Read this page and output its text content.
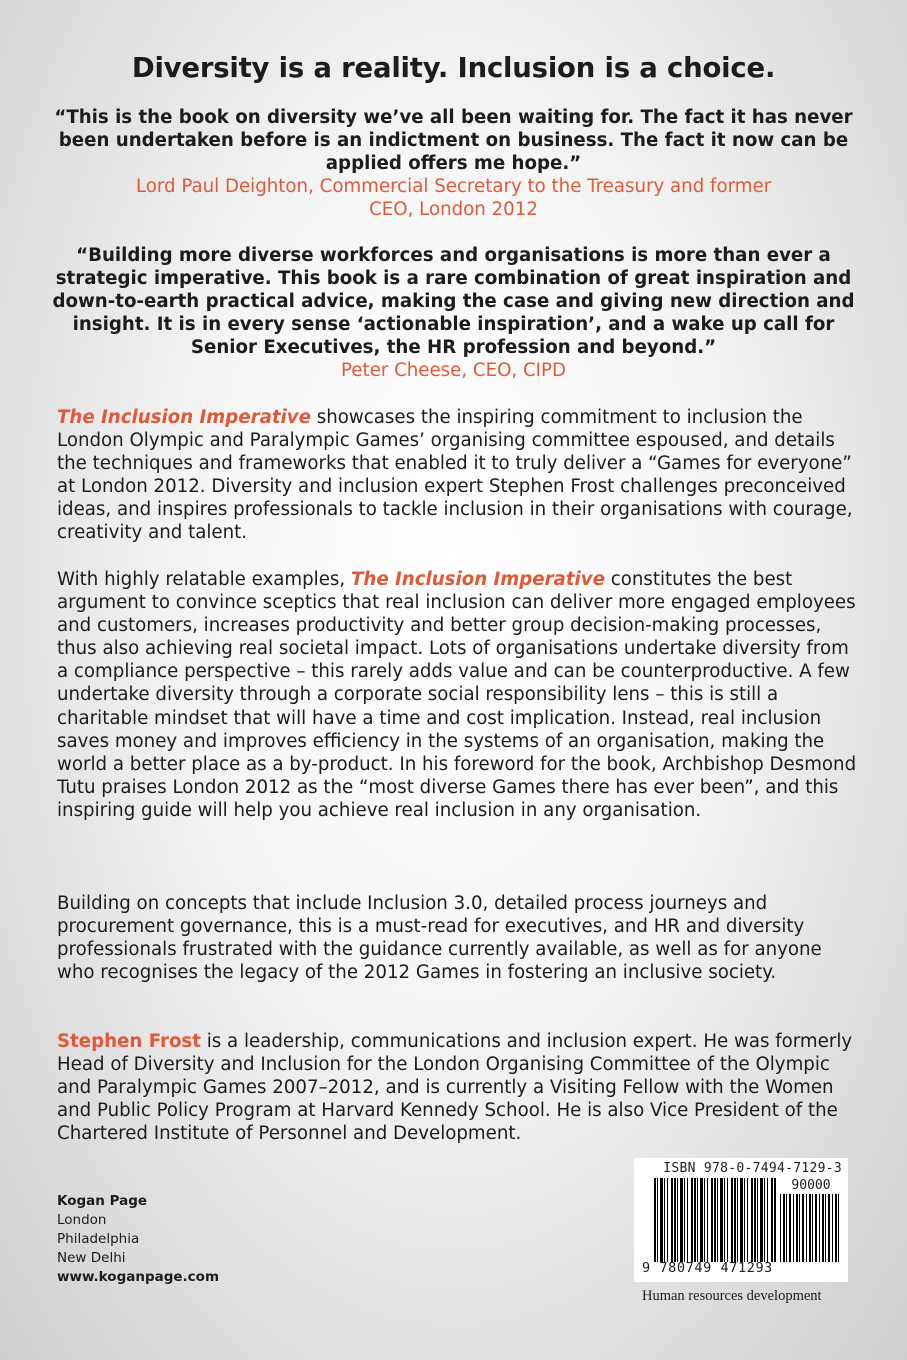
Diversity is a reality. Inclusion is a choice.

“This is the book on diversity we’ve all been waiting for. The fact it has never been undertaken before is an indictment on business. The fact it now can be applied offers me hope.”

Lord Paul Deighton, Commercial Secretary to the Treasury and former

CEO, London 2012

“Building more diverse workforces and organisations is more than ever a strategic imperative. This book is a rare combination of great inspiration and down-to-earth practical advice, making the case and giving new direction and insight. It is in every sense ‘actionable inspiration’, and a wake up call for Senior Executives, the HR profession and beyond.”

Peter Cheese, CEO, CIPD

The Inclusion Imperative showcases the inspiring commitment to inclusion the London Olympic and Paralympic Games’ organising committee espoused, and details the techniques and frameworks that enabled it to truly deliver a “Games for everyone” at London 2012. Diversity and inclusion expert Stephen Frost challenges preconceived ideas, and inspires professionals to tackle inclusion in their organisations with courage, creativity and talent.

With highly relatable examples, The Inclusion Imperative constitutes the best argument to convince sceptics that real inclusion can deliver more engaged employees and customers, increases productivity and better group decision-making processes, thus also achieving real societal impact. Lots of organisations undertake diversity from a compliance perspective – this rarely adds value and can be counterproductive. A few undertake diversity through a corporate social responsibility lens – this is still a charitable mindset that will have a time and cost implication. Instead, real inclusion saves money and improves efficiency in the systems of an organisation, making the world a better place as a by-product. In his foreword for the book, Archbishop Desmond Tutu praises London 2012 as the “most diverse Games there has ever been”, and this inspiring guide will help you achieve real inclusion in any organisation.

Building on concepts that include Inclusion 3.0, detailed process journeys and procurement governance, this is a must-read for executives, and HR and diversity professionals frustrated with the guidance currently available, as well as for anyone who recognises the legacy of the 2012 Games in fostering an inclusive society.

Stephen Frost is a leadership, communications and inclusion expert. He was formerly Head of Diversity and Inclusion for the London Organising Committee of the Olympic and Paralympic Games 2007–2012, and is currently a Visiting Fellow with the Women and Public Policy Program at Harvard Kennedy School. He is also Vice President of the Chartered Institute of Personnel and Development.

Kogan Page
London
Philadelphia
New Delhi
www.koganpage.com
ISBN 978-0-7494-7129-3
90000
9 780749 471293
Human resources development
